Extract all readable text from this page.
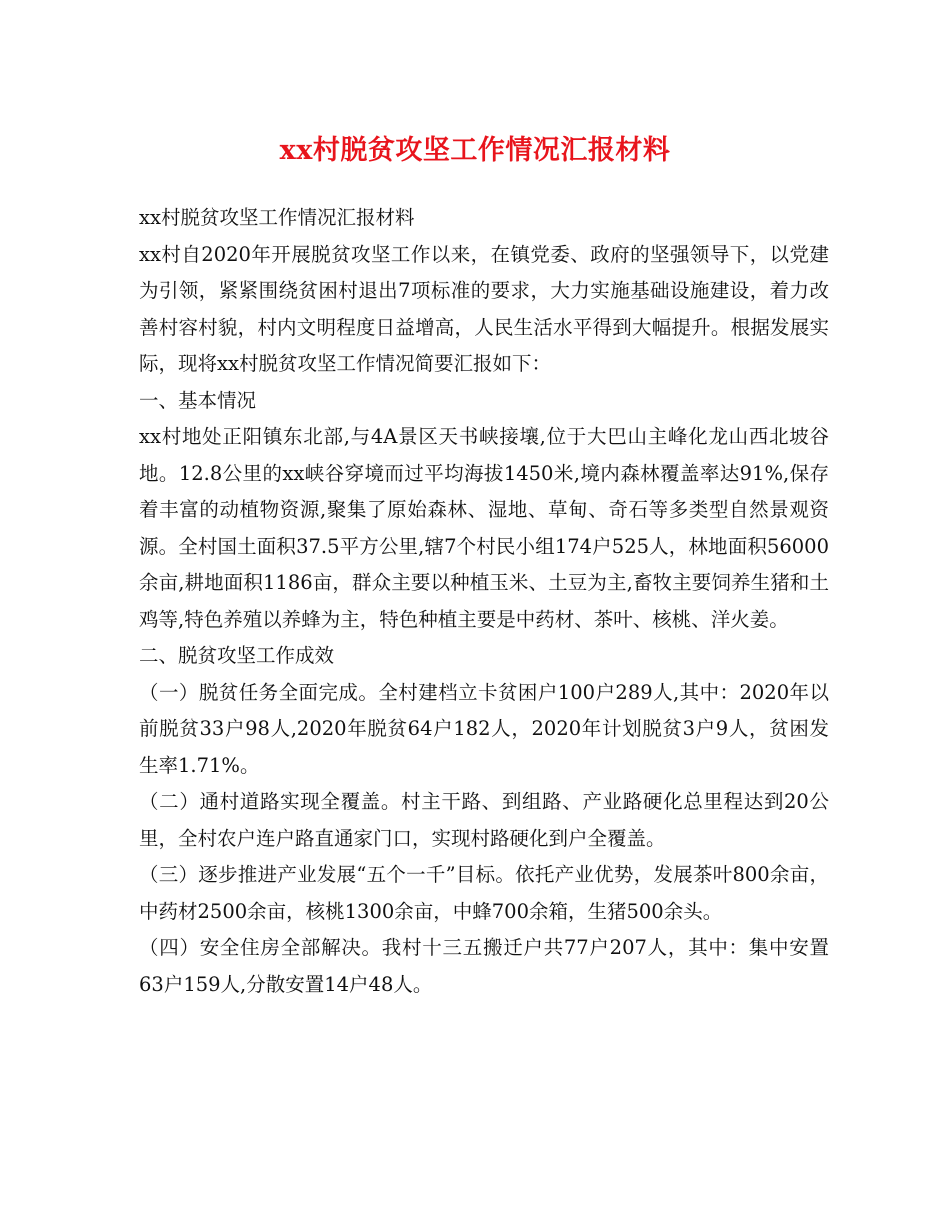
xx村脱贫攻坚工作情况汇报材料

xx村脱贫攻坚工作情况汇报材料

xx村自2020年开展脱贫攻坚工作以来，在镇党委、政府的坚强领导下，以党建为引领，紧紧围绕贫困村退出7项标准的要求，大力实施基础设施建设，着力改善村容村貌，村内文明程度日益增高，人民生活水平得到大幅提升。根据发展实际，现将xx村脱贫攻坚工作情况简要汇报如下：

一、基本情况

xx村地处正阳镇东北部,与4A景区天书峡接壤,位于大巴山主峰化龙山西北坡谷地。12.8公里的xx峡谷穿境而过平均海拔1450米,境内森林覆盖率达91%,保存着丰富的动植物资源,聚集了原始森林、湿地、草甸、奇石等多类型自然景观资源。全村国土面积37.5平方公里,辖7个村民小组174户525人，林地面积56000余亩,耕地面积1186亩，群众主要以种植玉米、土豆为主,畜牧主要饲养生猪和土鸡等,特色养殖以养蜂为主，特色种植主要是中药材、茶叶、核桃、洋火姜。

二、脱贫攻坚工作成效

（一）脱贫任务全面完成。全村建档立卡贫困户100户289人,其中：2020年以前脱贫33户98人,2020年脱贫64户182人，2020年计划脱贫3户9人，贫困发生率1.71%。

（二）通村道路实现全覆盖。村主干路、到组路、产业路硬化总里程达到20公里，全村农户连户路直通家门口，实现村路硬化到户全覆盖。

（三）逐步推进产业发展“五个一千”目标。依托产业优势，发展茶叶800余亩，中药材2500余亩，核桃1300余亩，中蜂700余箱，生猪500余头。

（四）安全住房全部解决。我村十三五搬迁户共77户207人，其中：集中安置63户159人,分散安置14户48人。
